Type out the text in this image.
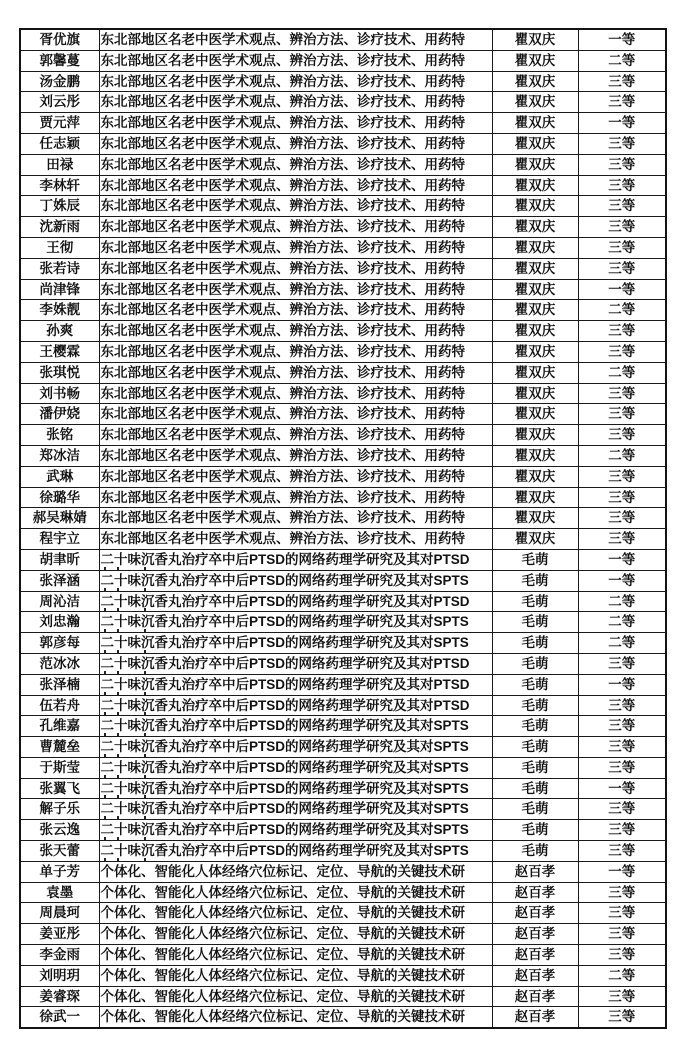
胥优旗	东北部地区名老中医学术观点、辨治方法、诊疗技术、用药特	瞿双庆	一等
郭馨蔓	东北部地区名老中医学术观点、辨治方法、诊疗技术、用药特	瞿双庆	二等
汤金鹏	东北部地区名老中医学术观点、辨治方法、诊疗技术、用药特	瞿双庆	三等
刘云彤	东北部地区名老中医学术观点、辨治方法、诊疗技术、用药特	瞿双庆	三等
贾元萍	东北部地区名老中医学术观点、辨治方法、诊疗技术、用药特	瞿双庆	一等
任志颖	东北部地区名老中医学术观点、辨治方法、诊疗技术、用药特	瞿双庆	三等
田禄	东北部地区名老中医学术观点、辨治方法、诊疗技术、用药特	瞿双庆	三等
李林轩	东北部地区名老中医学术观点、辨治方法、诊疗技术、用药特	瞿双庆	三等
丁姝辰	东北部地区名老中医学术观点、辨治方法、诊疗技术、用药特	瞿双庆	三等
沈新雨	东北部地区名老中医学术观点、辨治方法、诊疗技术、用药特	瞿双庆	三等
王彻	东北部地区名老中医学术观点、辨治方法、诊疗技术、用药特	瞿双庆	三等
张若诗	东北部地区名老中医学术观点、辨治方法、诊疗技术、用药特	瞿双庆	三等
尚津锋	东北部地区名老中医学术观点、辨治方法、诊疗技术、用药特	瞿双庆	一等
李姝靓	东北部地区名老中医学术观点、辨治方法、诊疗技术、用药特	瞿双庆	二等
孙爽	东北部地区名老中医学术观点、辨治方法、诊疗技术、用药特	瞿双庆	三等
王樱霖	东北部地区名老中医学术观点、辨治方法、诊疗技术、用药特	瞿双庆	三等
张琪悦	东北部地区名老中医学术观点、辨治方法、诊疗技术、用药特	瞿双庆	二等
刘书畅	东北部地区名老中医学术观点、辨治方法、诊疗技术、用药特	瞿双庆	三等
潘伊娆	东北部地区名老中医学术观点、辨治方法、诊疗技术、用药特	瞿双庆	三等
张铭	东北部地区名老中医学术观点、辨治方法、诊疗技术、用药特	瞿双庆	三等
郑冰洁	东北部地区名老中医学术观点、辨治方法、诊疗技术、用药特	瞿双庆	二等
武琳	东北部地区名老中医学术观点、辨治方法、诊疗技术、用药特	瞿双庆	三等
徐璐华	东北部地区名老中医学术观点、辨治方法、诊疗技术、用药特	瞿双庆	三等
郝吴琳婧	东北部地区名老中医学术观点、辨治方法、诊疗技术、用药特	瞿双庆	三等
程宇立	东北部地区名老中医学术观点、辨治方法、诊疗技术、用药特	瞿双庆	三等
胡聿昕	二十味沉香丸治疗卒中后PTSD的网络药理学研究及其对PTSD	毛萌	一等
张泽涵	二十味沉香丸治疗卒中后PTSD的网络药理学研究及其对SPTS	毛萌	一等
周沁洁	二十味沉香丸治疗卒中后PTSD的网络药理学研究及其对PTSD	毛萌	二等
刘忠瀚	二十味沉香丸治疗卒中后PTSD的网络药理学研究及其对SPTS	毛萌	二等
郭彦每	二十味沉香丸治疗卒中后PTSD的网络药理学研究及其对SPTS	毛萌	二等
范冰冰	二十味沉香丸治疗卒中后PTSD的网络药理学研究及其对PTSD	毛萌	三等
张泽楠	二十味沉香丸治疗卒中后PTSD的网络药理学研究及其对PTSD	毛萌	一等
伍若舟	二十味沉香丸治疗卒中后PTSD的网络药理学研究及其对PTSD	毛萌	三等
孔维嘉	二十味沉香丸治疗卒中后PTSD的网络药理学研究及其对SPTS	毛萌	三等
曹麓垒	二十味沉香丸治疗卒中后PTSD的网络药理学研究及其对SPTS	毛萌	三等
于斯莹	二十味沉香丸治疗卒中后PTSD的网络药理学研究及其对SPTS	毛萌	三等
张翼飞	二十味沉香丸治疗卒中后PTSD的网络药理学研究及其对SPTS	毛萌	一等
解子乐	二十味沉香丸治疗卒中后PTSD的网络药理学研究及其对SPTS	毛萌	三等
张云逸	二十味沉香丸治疗卒中后PTSD的网络药理学研究及其对SPTS	毛萌	三等
张天蕾	二十味沉香丸治疗卒中后PTSD的网络药理学研究及其对SPTS	毛萌	三等
单子芳	个体化、智能化人体经络穴位标记、定位、导航的关键技术研	赵百孝	一等
袁墨	个体化、智能化人体经络穴位标记、定位、导航的关键技术研	赵百孝	三等
周晨珂	个体化、智能化人体经络穴位标记、定位、导航的关键技术研	赵百孝	三等
姜亚彤	个体化、智能化人体经络穴位标记、定位、导航的关键技术研	赵百孝	三等
李金雨	个体化、智能化人体经络穴位标记、定位、导航的关键技术研	赵百孝	三等
刘明玥	个体化、智能化人体经络穴位标记、定位、导航的关键技术研	赵百孝	二等
姜睿琛	个体化、智能化人体经络穴位标记、定位、导航的关键技术研	赵百孝	三等
徐武一	个体化、智能化人体经络穴位标记、定位、导航的关键技术研	赵百孝	三等
